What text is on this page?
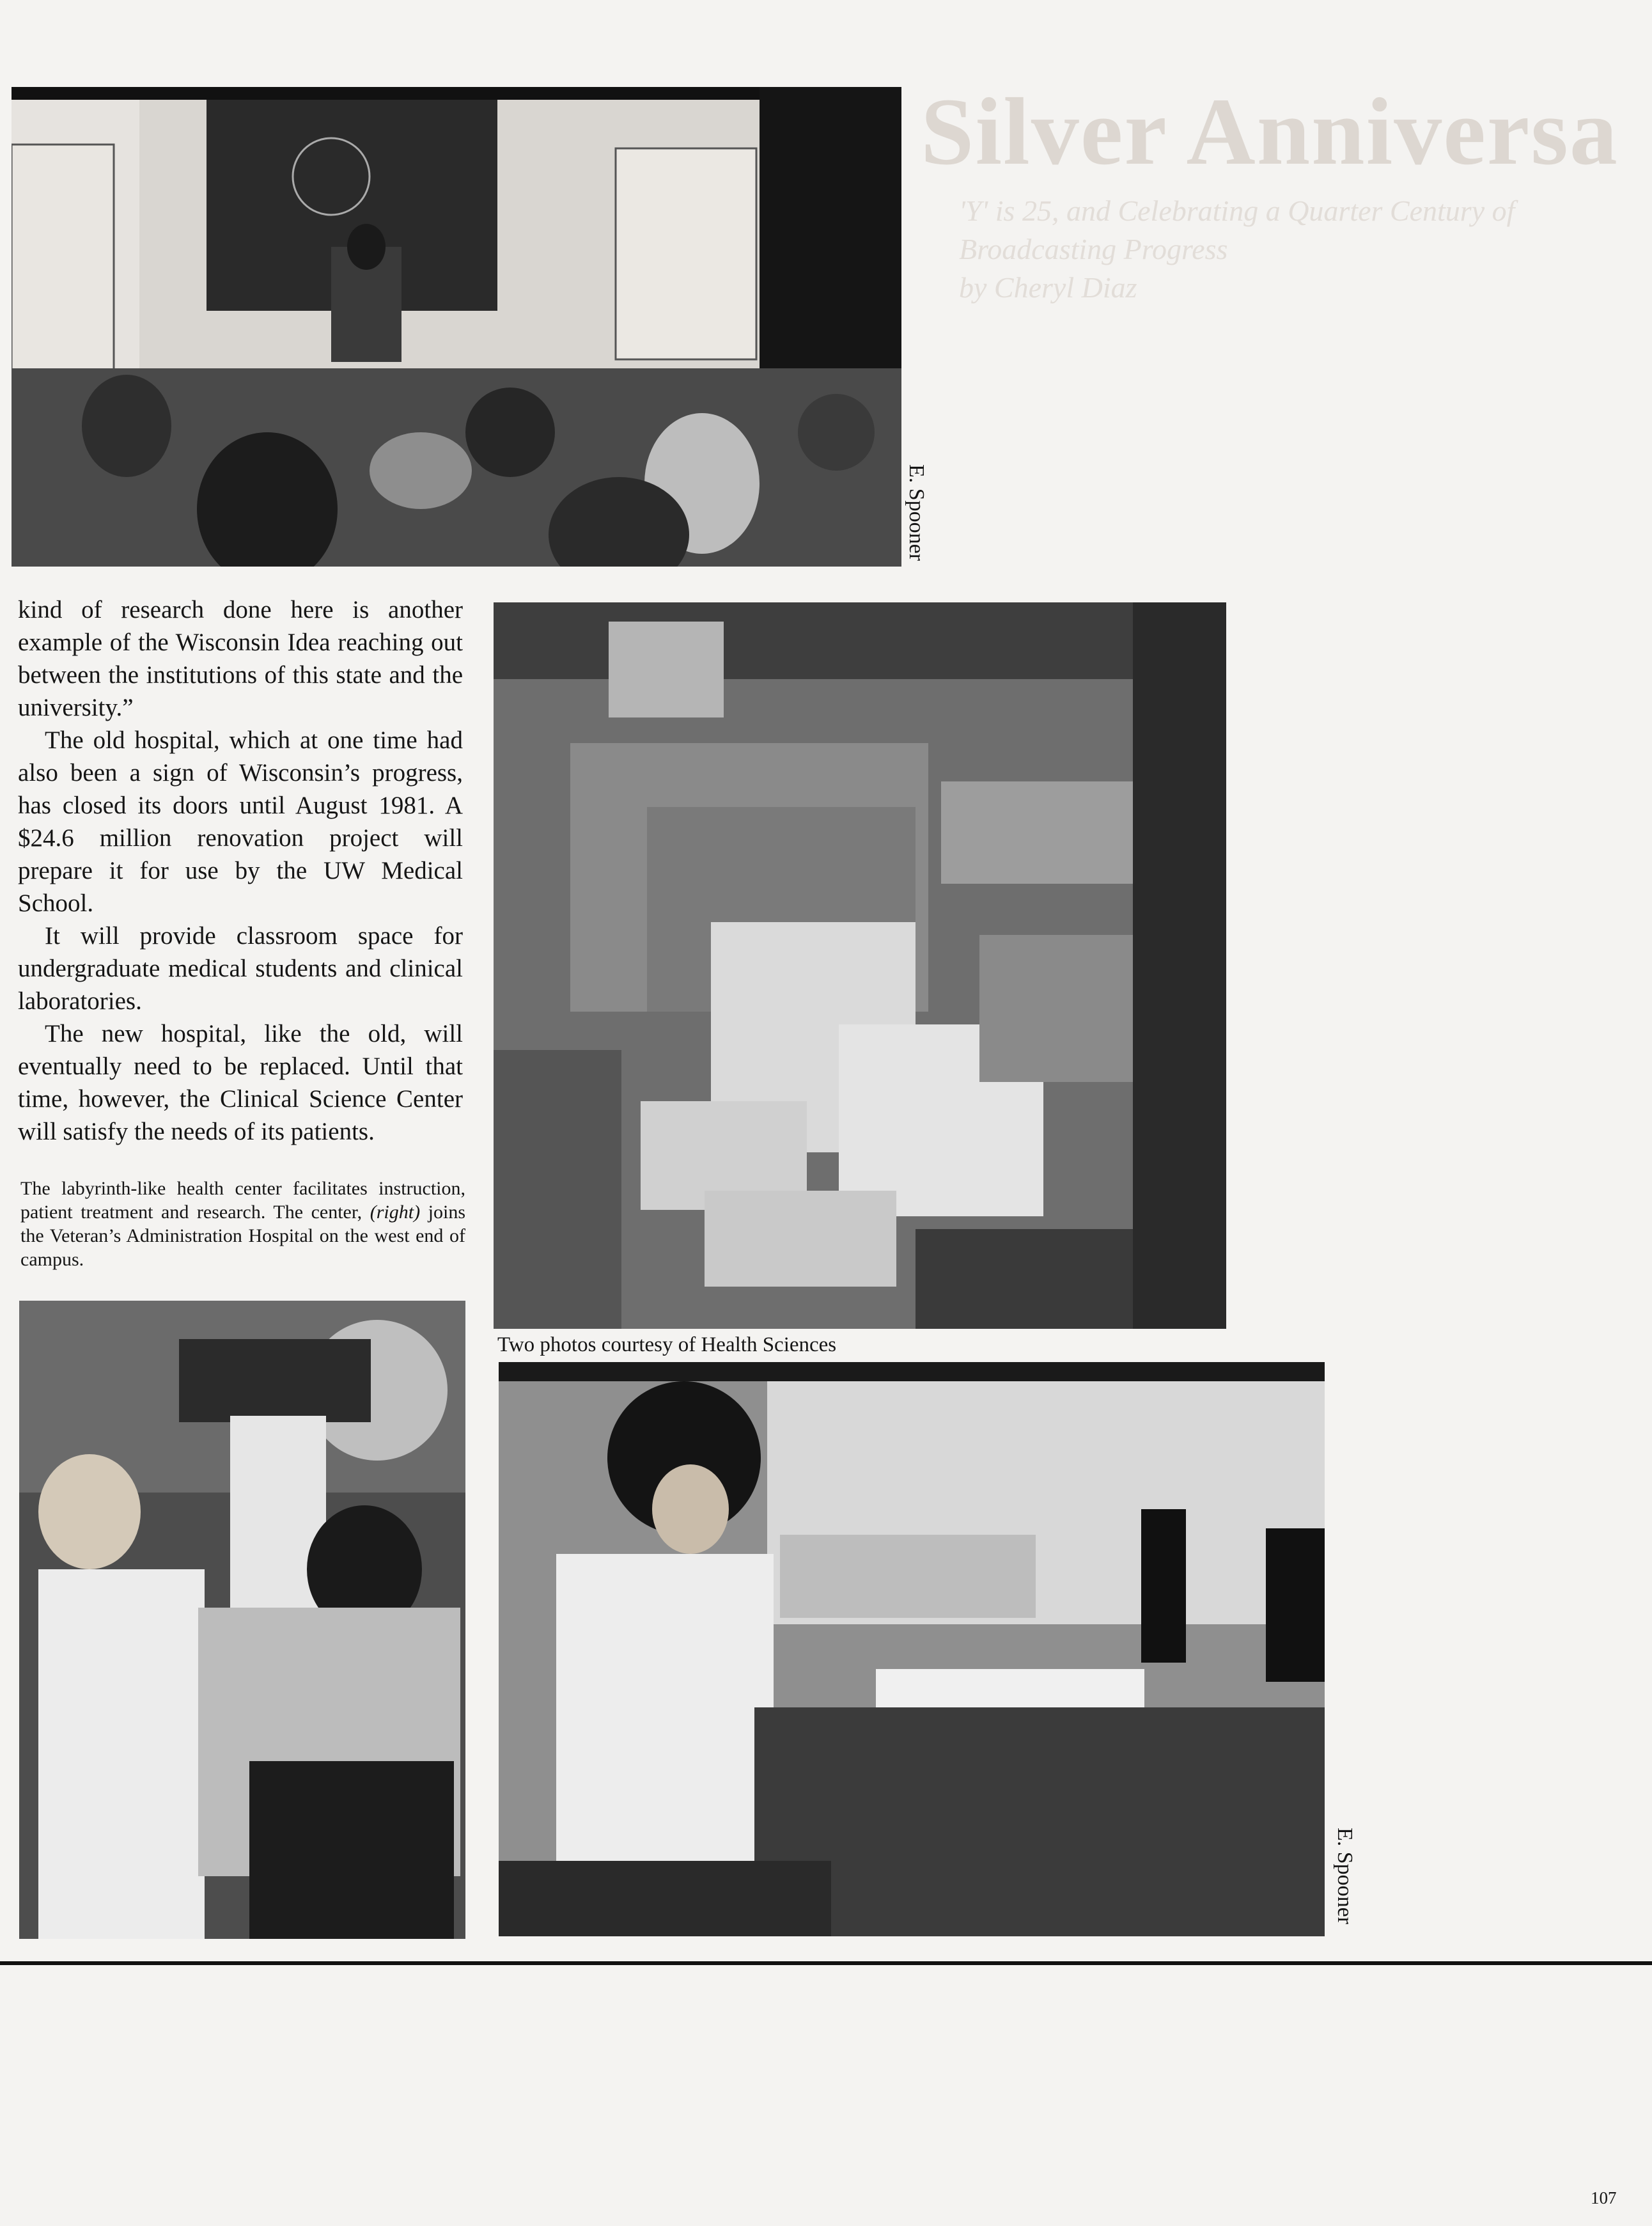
Silver Anniversa
'Y' is 25, and Celebrating a Quarter Century of Broadcasting Progress
by Cheryl Diaz
E. Spooner
Two photos courtesy of Health Sciences

kind of research done here is another example of the Wisconsin Idea reaching out between the institutions of this state and the university.”

The old hospital, which at one time had also been a sign of Wisconsin’s progress, has closed its doors until August 1981. A $24.6 million renovation project will prepare it for use by the UW Medical School.

It will provide classroom space for undergraduate medical students and clinical laboratories.

The new hospital, like the old, will eventually need to be replaced. Until that time, however, the Clinical Science Center will satisfy the needs of its patients.

The labyrinth-like health center facilitates instruction, patient treatment and research. The center, (right) joins the Veteran’s Administration Hospital on the west end of campus.
E. Spooner
107
